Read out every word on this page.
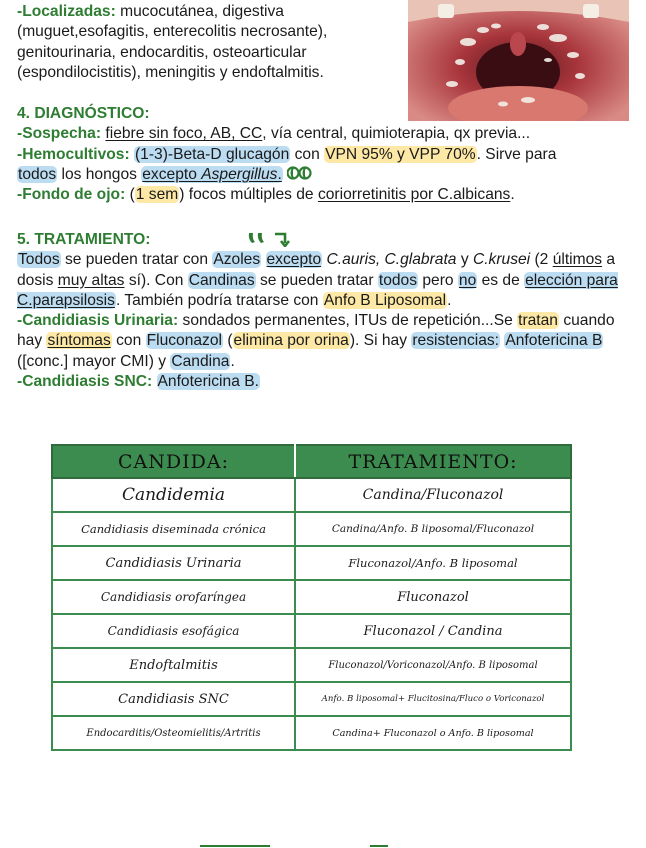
-Localizadas: mucocutánea, digestiva (muguet,esofagitis, enterecolitis necrosante), genitourinaria, endocarditis, osteoarticular (espondilocistitis), meningitis y endoftalmitis.
4. DIAGNÓSTICO:
-Sospecha: fiebre sin foco, AB, CC, vía central, quimioterapia, qx previa...
-Hemocultivos: (1-3)-Beta-D glucagón con VPN 95% y VPP 70%. Sirve para
todos los hongos excepto Aspergillus.
-Fondo de ojo: (1 sem) focos múltiples de coriorretinitis por C.albicans.
5. TRATAMIENTO:
Todos se pueden tratar con Azoles excepto C.auris, C.glabrata y C.krusei (2 últimos a dosis muy altas sí). Con Candinas se pueden tratar todos pero no es de elección para C.parapsilosis. También podría tratarse con Anfo B Liposomal.
-Candidiasis Urinaria: sondados permanentes, ITUs de repetición...Se tratan cuando hay síntomas con Fluconazol (elimina por orina). Si hay resistencias: Anfotericina B ([conc.] mayor CMI) y Candina.
-Candidiasis SNC: Anfotericina B.
CANDIDA:	TRATAMIENTO:
Candidemia	Candina/Fluconazol
Candidiasis diseminada crónica	Candina/Anfo. B liposomal/Fluconazol
Candidiasis Urinaria	Fluconazol/Anfo. B liposomal
Candidiasis orofaríngea	Fluconazol
Candidiasis esofágica	Fluconazol / Candina
Endoftalmitis	Fluconazol/Voriconazol/Anfo. B liposomal
Candidiasis SNC	Anfo. B liposomal+ Flucitosina/Fluco o Voriconazol
Endocarditis/Osteomielitis/Artritis	Candina+ Fluconazol o Anfo. B liposomal
